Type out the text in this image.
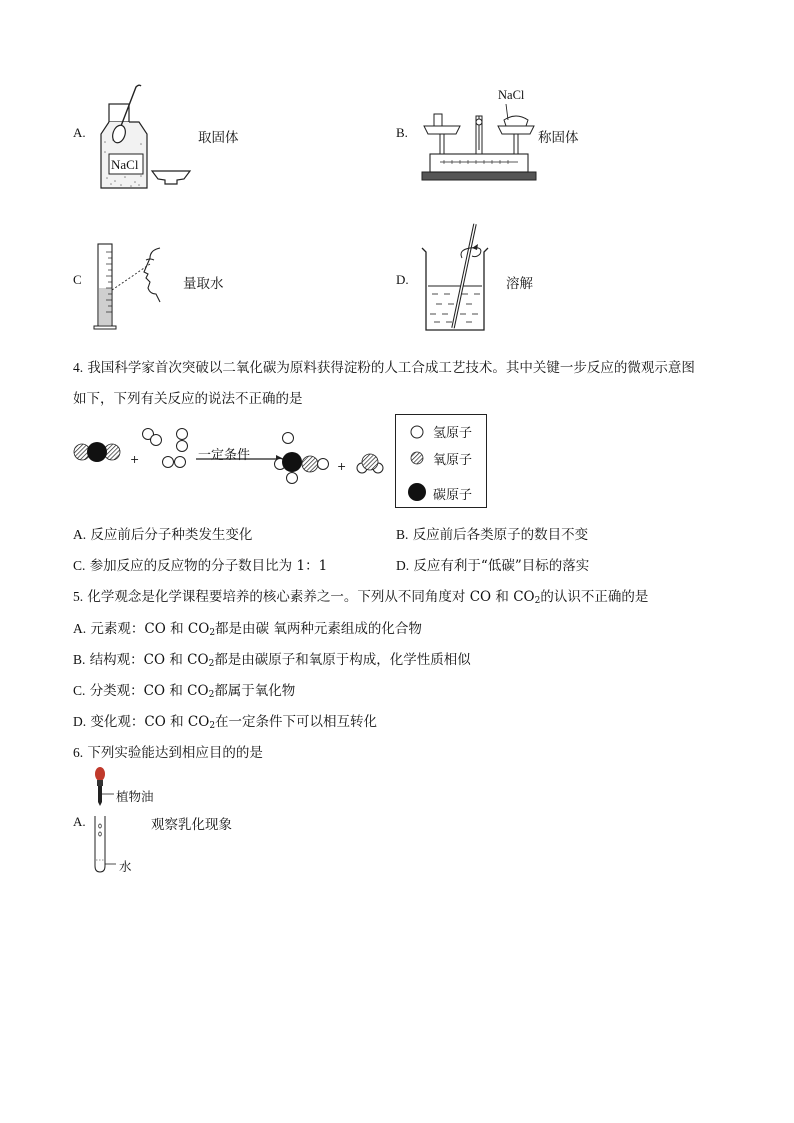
A.
NaCl
取固体	B.
NaCl
称固体
C	量取水	D.	溶解
4. 我国科学家首次突破以二氧化碳为原料获得淀粉的人工合成工艺技术。其中关键一步反应的微观示意图
如下，下列有关反应的说法不正确的是
+	一定条件
+
氢原子
氧原子
碳原子
A. 反应前后分子种类发生变化	B. 反应前后各类原子的数目不变
C. 参加反应的反应物的分子数目比为 1：1	D. 反应有利于“低碳”目标的落实
5. 化学观念是化学课程要培养的核心素养之一。下列从不同角度对 CO 和 $CO_2$的认识不正确的是
A. 元素观：CO 和 $CO_2$都是由碳 氧两种元素组成的化合物
B. 结构观：CO 和 $CO_2$都是由碳原子和氧原于构成，化学性质相似
C. 分类观：CO 和 $CO_2$都属于氧化物
D. 变化观：CO 和 $CO_2$在一定条件下可以相互转化
6. 下列实验能达到相应目的的是
A.
植物油
水
观察乳化现象
